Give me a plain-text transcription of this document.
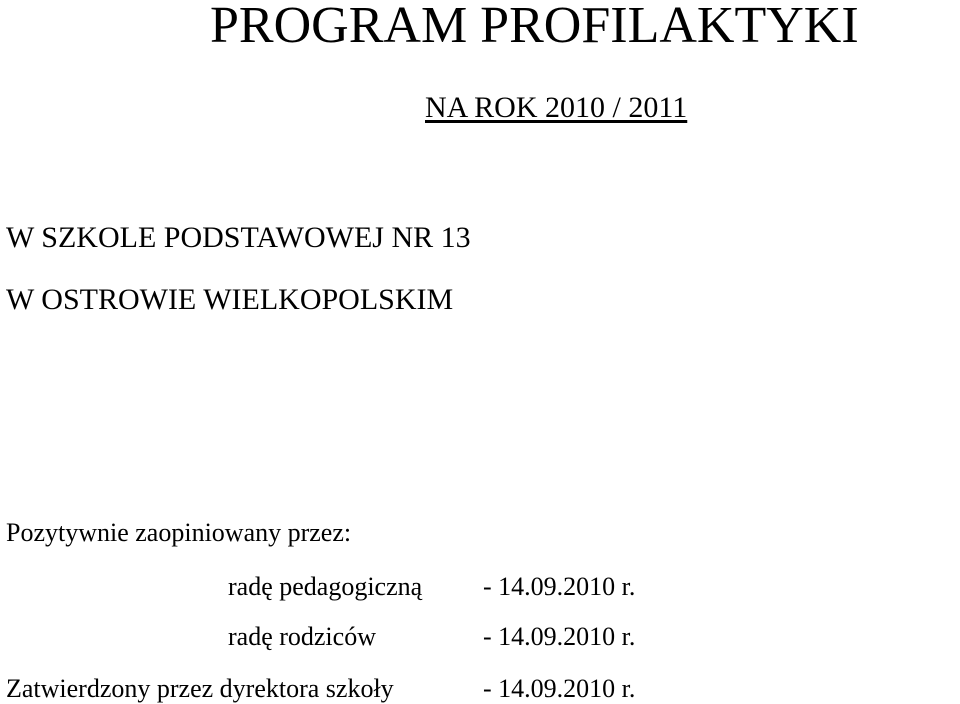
PROGRAM PROFILAKTYKI
NA ROK 2010 / 2011
W SZKOLE PODSTAWOWEJ NR 13
W OSTROWIE WIELKOPOLSKIM
Pozytywnie zaopiniowany przez:
radę pedagogiczną - 14.09.2010 r.
radę rodziców	- 14.09.2010 r.
Zatwierdzony przez dyrektora szkoły	- 14.09.2010 r.
